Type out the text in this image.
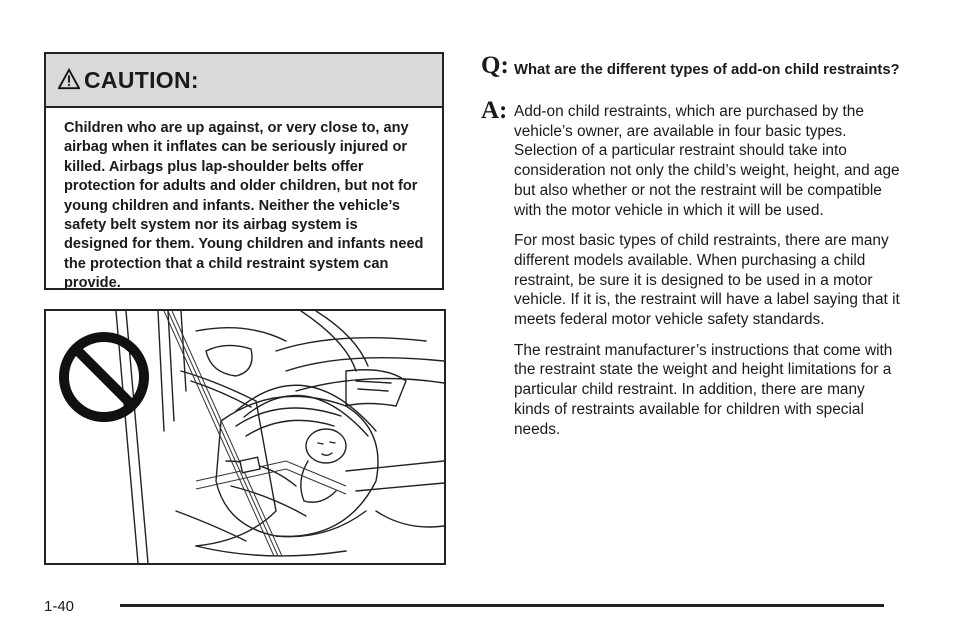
CAUTION:
Children who are up against, or very close to, any airbag when it inflates can be seriously injured or killed. Airbags plus lap-shoulder belts offer protection for adults and older children, but not for young children and infants. Neither the vehicle’s safety belt system nor its airbag system is designed for them. Young children and infants need the protection that a child restraint system can provide.
Q: What are the different types of add-on child restraints?
A: Add-on child restraints, which are purchased by the vehicle’s owner, are available in four basic types. Selection of a particular restraint should take into consideration not only the child’s weight, height, and age but also whether or not the restraint will be compatible with the motor vehicle in which it will be used.

For most basic types of child restraints, there are many different models available. When purchasing a child restraint, be sure it is designed to be used in a motor vehicle. If it is, the restraint will have a label saying that it meets federal motor vehicle safety standards.

The restraint manufacturer’s instructions that come with the restraint state the weight and height limitations for a particular child restraint. In addition, there are many kinds of restraints available for children with special needs.

1-40
